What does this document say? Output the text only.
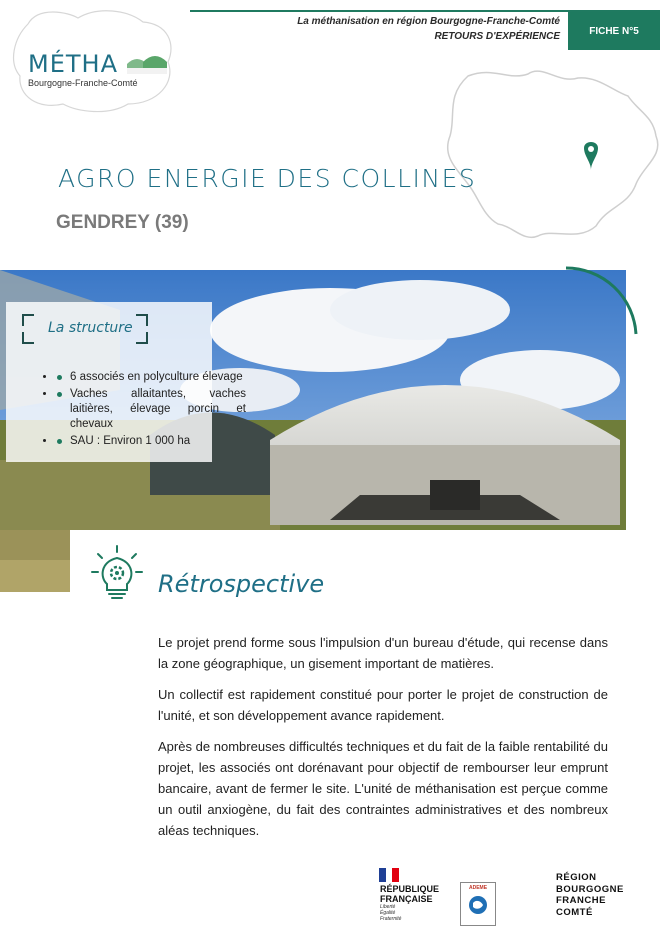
MÉTHA
Bourgogne-Franche-Comté
La méthanisation en région Bourgogne-Franche-Comté
RETOURS D'EXPÉRIENCE	FICHE N°5
AGRO ENERGIE DES COLLINES
GENDREY (39)
La structure
• 6 associés en polyculture élevage
• Vaches allaitantes, vaches laitières, élevage porcin et chevaux
• SAU : Environ 1 000 ha
Rétrospective
Le projet prend forme sous l'impulsion d'un bureau d'étude, qui recense dans la zone géographique, un gisement important de matières.
Un collectif est rapidement constitué pour porter le projet de construction de l'unité, et son développement avance rapidement.
Après de nombreuses difficultés techniques et du fait de la faible rentabilité du projet, les associés ont dorénavant pour objectif de rembourser leur emprunt bancaire, avant de fermer le site. L'unité de méthanisation est perçue comme un outil anxiogène, du fait des contraintes administratives et des nombreux aléas techniques.
RÉPUBLIQUE
FRANÇAISE
Liberté
Égalité
Fraternité
ADEME
RÉGION
BOURGOGNE
FRANCHE
COMTÉ
